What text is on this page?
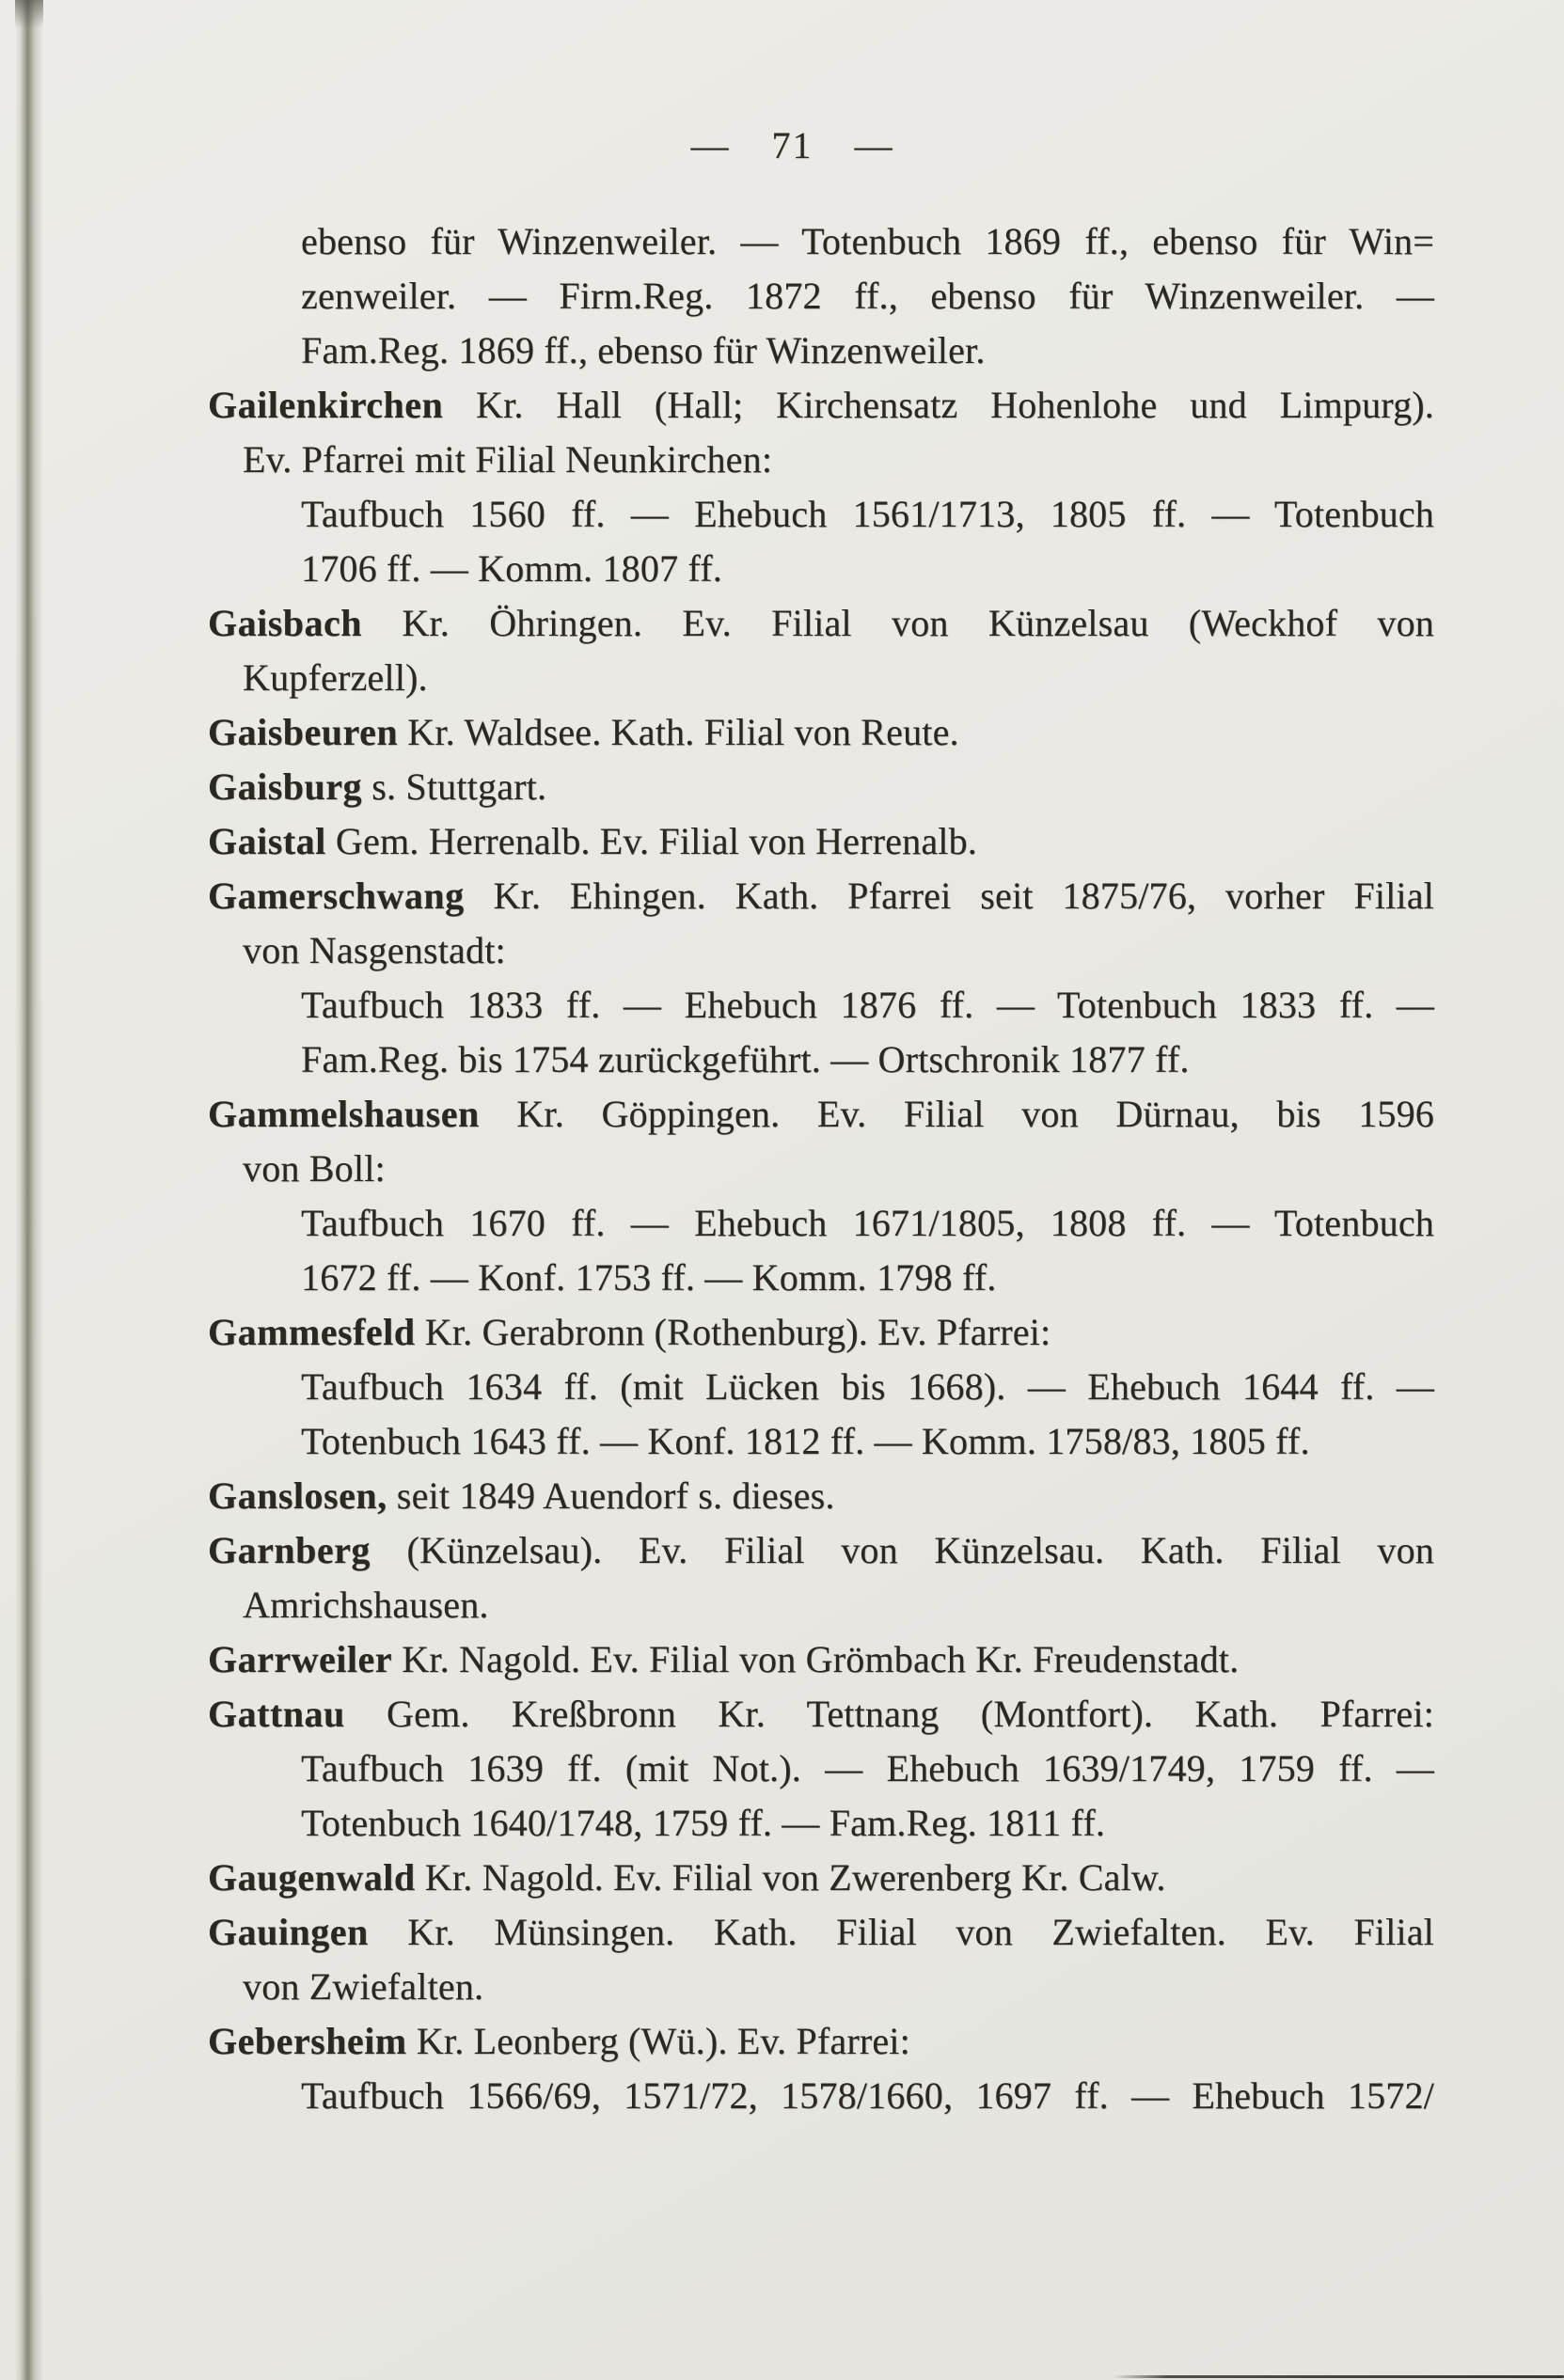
— 71 —
ebenso für Winzenweiler. — Totenbuch 1869 ff., ebenso für Win=
zenweiler. — Firm.Reg. 1872 ff., ebenso für Winzenweiler. —
Fam.Reg. 1869 ff., ebenso für Winzenweiler.
Gailenkirchen Kr. Hall (Hall; Kirchensatz Hohenlohe und Limpurg).
Ev. Pfarrei mit Filial Neunkirchen:
Taufbuch 1560 ff. — Ehebuch 1561/1713, 1805 ff. — Totenbuch
1706 ff. — Komm. 1807 ff.
Gaisbach Kr. Öhringen. Ev. Filial von Künzelsau (Weckhof von
Kupferzell).
Gaisbeuren Kr. Waldsee. Kath. Filial von Reute.
Gaisburg s. Stuttgart.
Gaistal Gem. Herrenalb. Ev. Filial von Herrenalb.
Gamerschwang Kr. Ehingen. Kath. Pfarrei seit 1875/76, vorher Filial
von Nasgenstadt:
Taufbuch 1833 ff. — Ehebuch 1876 ff. — Totenbuch 1833 ff. —
Fam.Reg. bis 1754 zurückgeführt. — Ortschronik 1877 ff.
Gammelshausen Kr. Göppingen. Ev. Filial von Dürnau, bis 1596
von Boll:
Taufbuch 1670 ff. — Ehebuch 1671/1805, 1808 ff. — Totenbuch
1672 ff. — Konf. 1753 ff. — Komm. 1798 ff.
Gammesfeld Kr. Gerabronn (Rothenburg). Ev. Pfarrei:
Taufbuch 1634 ff. (mit Lücken bis 1668). — Ehebuch 1644 ff. —
Totenbuch 1643 ff. — Konf. 1812 ff. — Komm. 1758/83, 1805 ff.
Ganslosen, seit 1849 Auendorf s. dieses.
Garnberg (Künzelsau). Ev. Filial von Künzelsau. Kath. Filial von
Amrichshausen.
Garrweiler Kr. Nagold. Ev. Filial von Grömbach Kr. Freudenstadt.
Gattnau Gem. Kreßbronn Kr. Tettnang (Montfort). Kath. Pfarrei:
Taufbuch 1639 ff. (mit Not.). — Ehebuch 1639/1749, 1759 ff. —
Totenbuch 1640/1748, 1759 ff. — Fam.Reg. 1811 ff.
Gaugenwald Kr. Nagold. Ev. Filial von Zwerenberg Kr. Calw.
Gauingen Kr. Münsingen. Kath. Filial von Zwiefalten. Ev. Filial
von Zwiefalten.
Gebersheim Kr. Leonberg (Wü.). Ev. Pfarrei:
Taufbuch 1566/69, 1571/72, 1578/1660, 1697 ff. — Ehebuch 1572/
